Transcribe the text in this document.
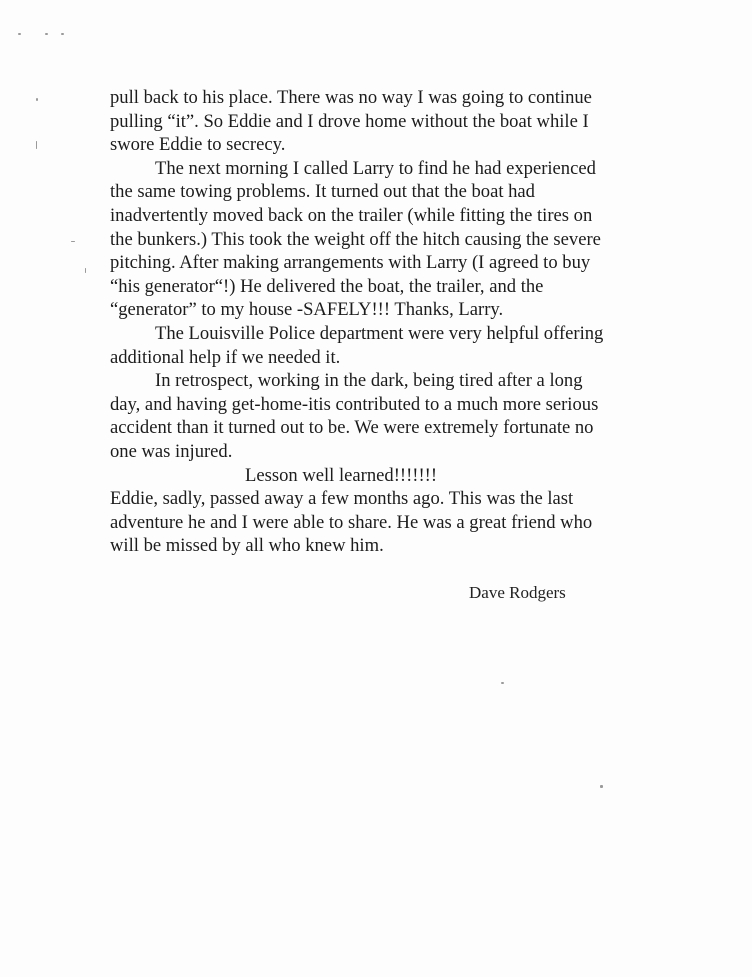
pull back to his place. There was no way I was going to continue
pulling “it”. So Eddie and I drove home without the boat while I
swore Eddie to secrecy.
The next morning I called Larry to find he had experienced
the same towing problems. It turned out that the boat had
inadvertently moved back on the trailer (while fitting the tires on
the bunkers.) This took the weight off the hitch causing the severe
pitching. After making arrangements with Larry (I agreed to buy
“his generator“!) He delivered the boat, the trailer, and the
“generator” to my house -SAFELY!!! Thanks, Larry.
The Louisville Police department were very helpful offering
additional help if we needed it.
In retrospect, working in the dark, being tired after a long
day, and having get-home-itis contributed to a much more serious
accident than it turned out to be. We were extremely fortunate no
one was injured.
Lesson well learned!!!!!!!
Eddie, sadly, passed away a few months ago. This was the last
adventure he and I were able to share. He was a great friend who
will be missed by all who knew him.
Dave Rodgers
